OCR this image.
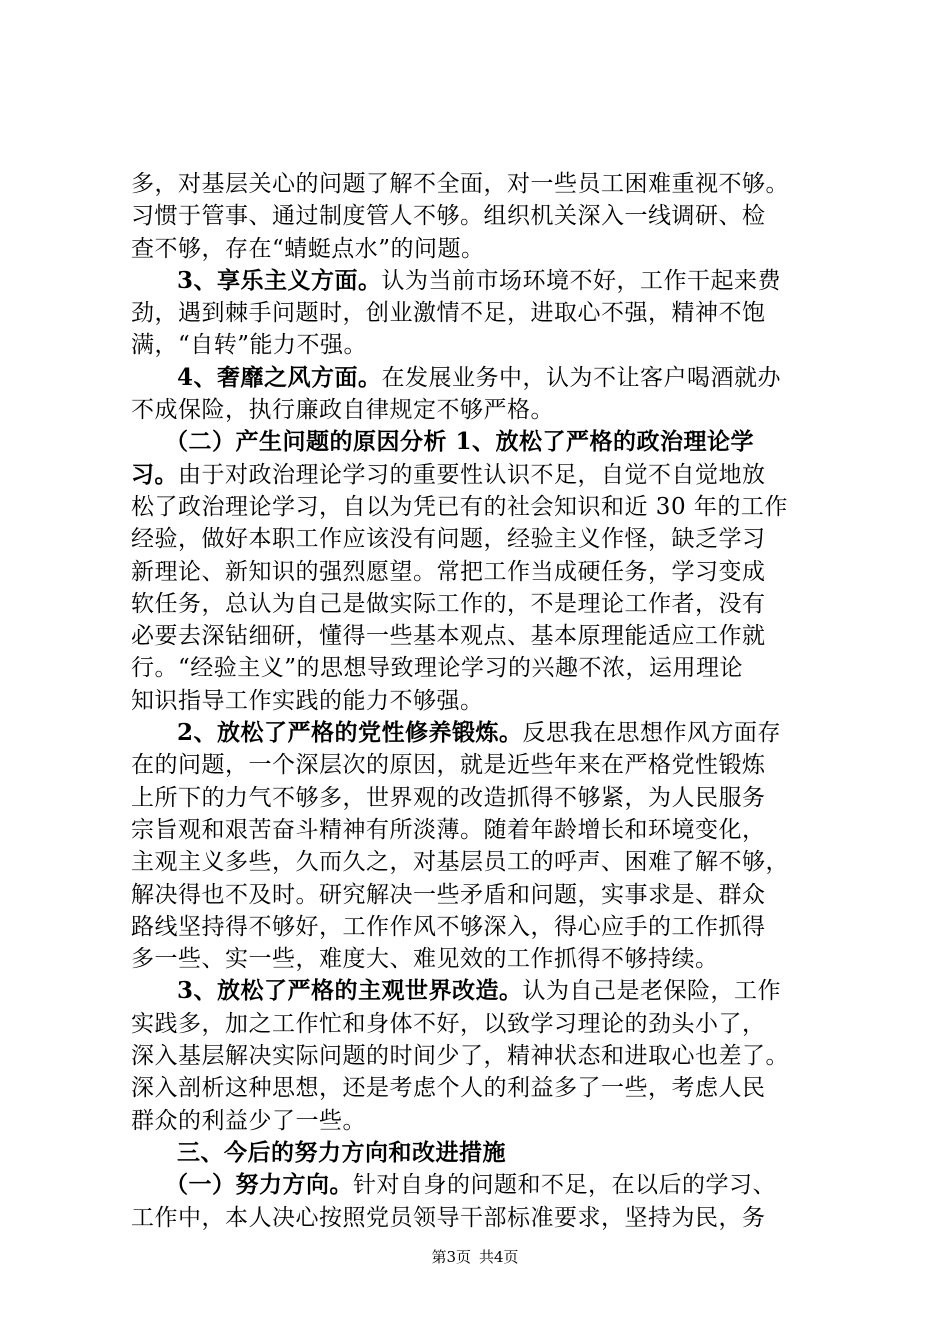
多，对基层关心的问题了解不全面，对一些员工困难重视不够。
习惯于管事、通过制度管人不够。组织机关深入一线调研、检
查不够，存在“蜻蜓点水”的问题。
3、享乐主义方面。认为当前市场环境不好，工作干起来费
劲，遇到棘手问题时，创业激情不足，进取心不强，精神不饱
满，“自转”能力不强。
4、奢靡之风方面。在发展业务中，认为不让客户喝酒就办
不成保险，执行廉政自律规定不够严格。
（二）产生问题的原因分析 1、放松了严格的政治理论学
习。由于对政治理论学习的重要性认识不足，自觉不自觉地放
松了政治理论学习，自以为凭已有的社会知识和近 30 年的工作
经验，做好本职工作应该没有问题，经验主义作怪，缺乏学习
新理论、新知识的强烈愿望。常把工作当成硬任务，学习变成
软任务，总认为自己是做实际工作的，不是理论工作者，没有
必要去深钻细研，懂得一些基本观点、基本原理能适应工作就
行。“经验主义”的思想导致理论学习的兴趣不浓，运用理论
知识指导工作实践的能力不够强。
2、放松了严格的党性修养锻炼。反思我在思想作风方面存
在的问题，一个深层次的原因，就是近些年来在严格党性锻炼
上所下的力气不够多，世界观的改造抓得不够紧，为人民服务
宗旨观和艰苦奋斗精神有所淡薄。随着年龄增长和环境变化，
主观主义多些，久而久之，对基层员工的呼声、困难了解不够，
解决得也不及时。研究解决一些矛盾和问题，实事求是、群众
路线坚持得不够好，工作作风不够深入，得心应手的工作抓得
多一些、实一些，难度大、难见效的工作抓得不够持续。
3、放松了严格的主观世界改造。认为自己是老保险，工作
实践多，加之工作忙和身体不好，以致学习理论的劲头小了，
深入基层解决实际问题的时间少了，精神状态和进取心也差了。
深入剖析这种思想，还是考虑个人的利益多了一些，考虑人民
群众的利益少了一些。
三、今后的努力方向和改进措施
（一）努力方向。针对自身的问题和不足，在以后的学习、
工作中，本人决心按照党员领导干部标准要求，坚持为民，务
第3页 共4页
